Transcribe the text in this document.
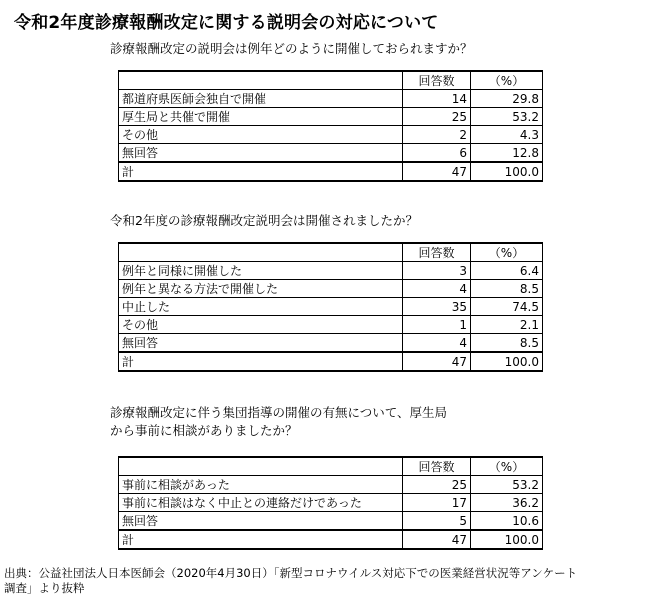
令和2年度診療報酬改定に関する説明会の対応について
診療報酬改定の説明会は例年どのように開催しておられますか？
	回答数	（%）
都道府県医師会独自で開催	14	29.8
厚生局と共催で開催	25	53.2
その他	2	4.3
無回答	6	12.8
計	47	100.0
令和2年度の診療報酬改定説明会は開催されましたか？
	回答数	（%）
例年と同様に開催した	3	6.4
例年と異なる方法で開催した	4	8.5
中止した	35	74.5
その他	1	2.1
無回答	4	8.5
計	47	100.0
診療報酬改定に伴う集団指導の開催の有無について、厚生局
から事前に相談がありましたか？
	回答数	（%）
事前に相談があった	25	53.2
事前に相談はなく中止との連絡だけであった	17	36.2
無回答	5	10.6
計	47	100.0
出典：公益社団法人日本医師会（2020年4月30日）「新型コロナウイルス対応下での医業経営状況等アンケート
調査」より抜粋
